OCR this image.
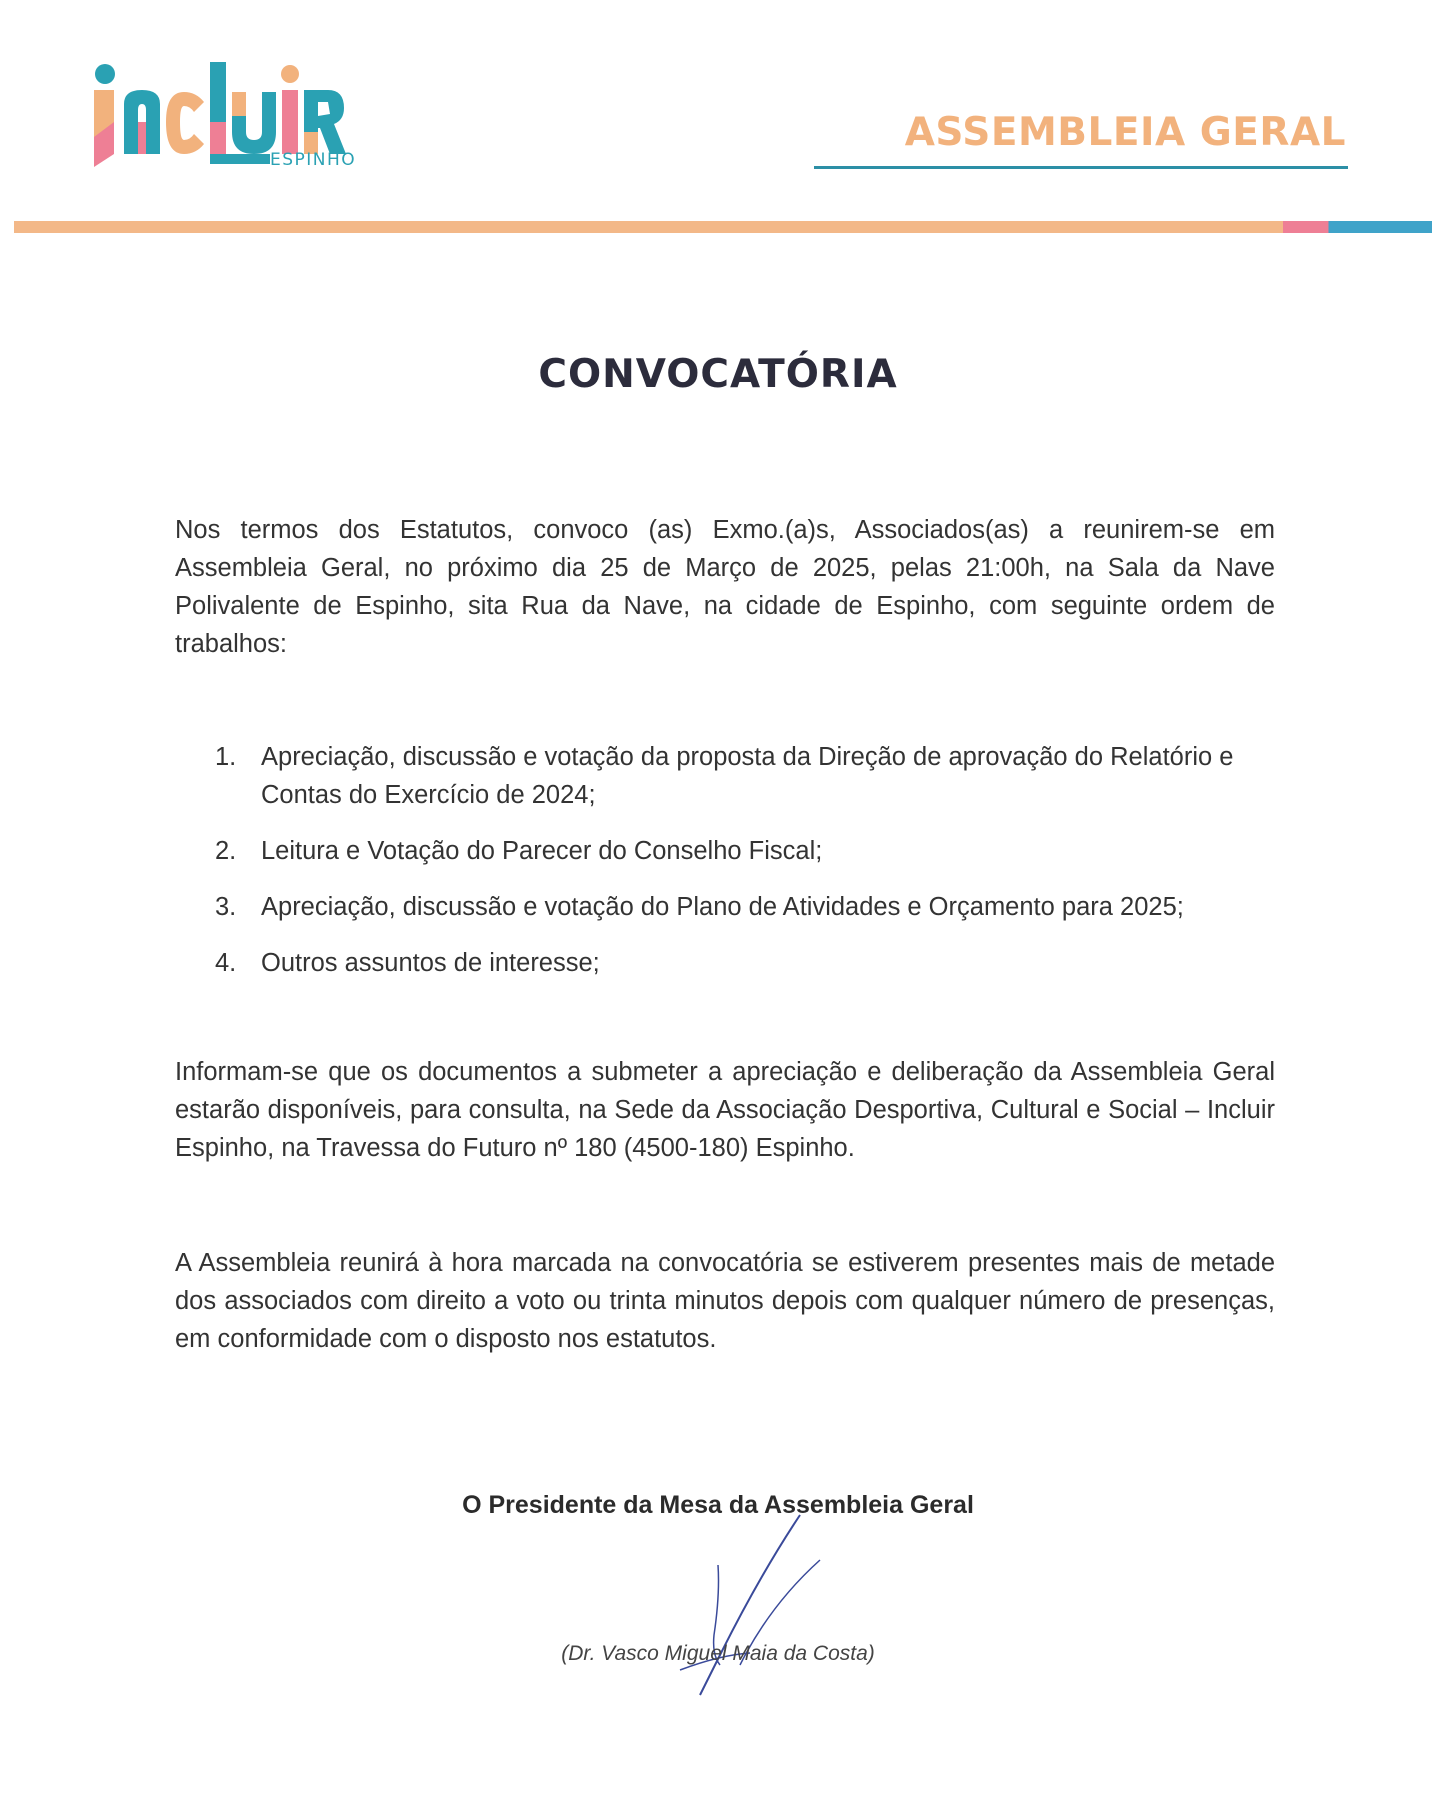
ESPINHO
ASSEMBLEIA GERAL
CONVOCATÓRIA
Nos termos dos Estatutos, convoco (as) Exmo.(a)s, Associados(as) a reunirem-se em Assembleia Geral, no próximo dia 25 de Março de 2025, pelas 21:00h, na Sala da Nave Polivalente de Espinho, sita Rua da Nave, na cidade de Espinho, com seguinte ordem de trabalhos:
1. Apreciação, discussão e votação da proposta da Direção de aprovação do Relatório e Contas do Exercício de 2024;
2. Leitura e Votação do Parecer do Conselho Fiscal;
3. Apreciação, discussão e votação do Plano de Atividades e Orçamento para 2025;
4. Outros assuntos de interesse;
Informam-se que os documentos a submeter a apreciação e deliberação da Assembleia Geral estarão disponíveis, para consulta, na Sede da Associação Desportiva, Cultural e Social – Incluir Espinho, na Travessa do Futuro nº 180 (4500-180) Espinho.
A Assembleia reunirá à hora marcada na convocatória se estiverem presentes mais de metade dos associados com direito a voto ou trinta minutos depois com qualquer número de presenças, em conformidade com o disposto nos estatutos.
O Presidente da Mesa da Assembleia Geral
(Dr. Vasco Miguel Maia da Costa)
